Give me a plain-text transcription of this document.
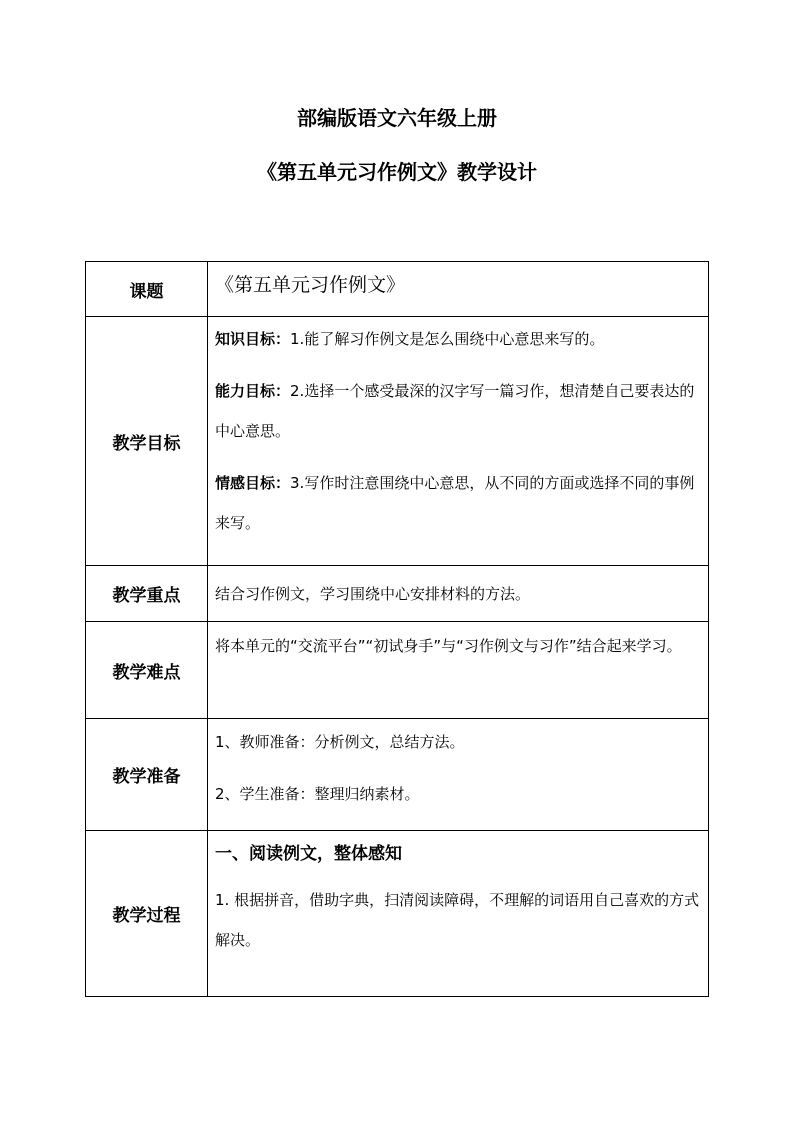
部编版语文六年级上册
《第五单元习作例文》教学设计
课题	《第五单元习作例文》

教学目标	知识目标：1.能了解习作例文是怎么围绕中心意思来写的。

能力目标：2.选择一个感受最深的汉字写一篇习作，想清楚自己要表达的中心意思。

情感目标：3.写作时注意围绕中心意思，从不同的方面或选择不同的事例来写。

教学重点	结合习作例文，学习围绕中心安排材料的方法。

教学难点	将本单元的“交流平台”“初试身手”与“习作例文与习作”结合起来学习。

教学准备	1、教师准备：分析例文，总结方法。

2、学生准备：整理归纳素材。

教学过程	一、阅读例文，整体感知

1. 根据拼音，借助字典，扫清阅读障碍，不理解的词语用自己喜欢的方式解决。
